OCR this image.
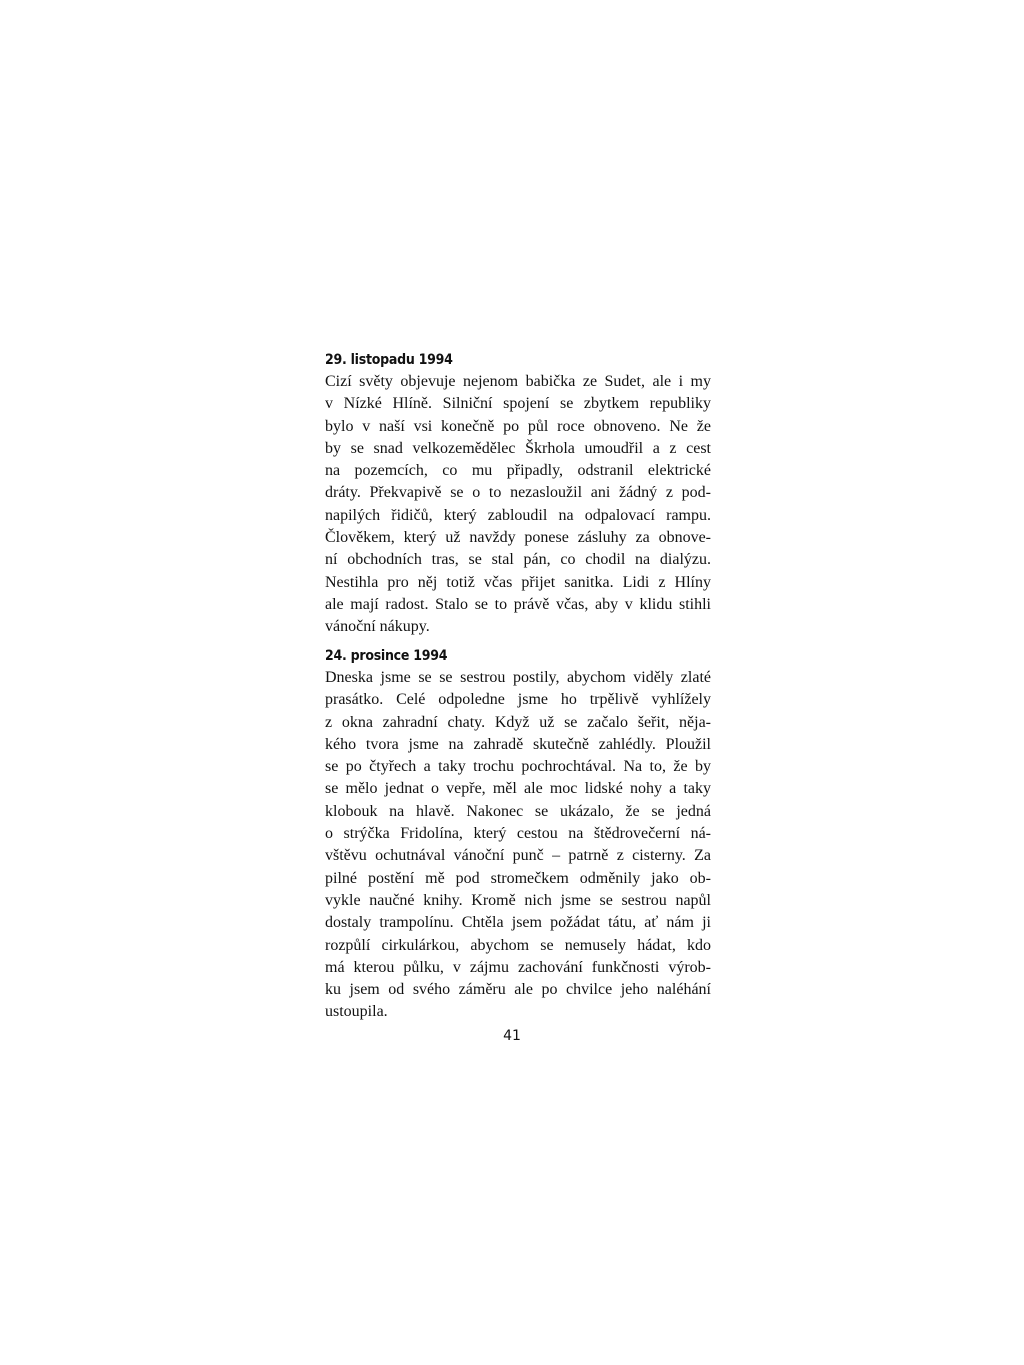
29. listopadu 1994
Cizí světy objevuje nejenom babička ze Sudet, ale i my
v Nízké Hlíně. Silniční spojení se zbytkem republiky
bylo v naší vsi konečně po půl roce obnoveno. Ne že
by se snad velkozemědělec Škrhola umoudřil a z cest
na pozemcích, co mu připadly, odstranil elektrické
dráty. Překvapivě se o to nezasloužil ani žádný z pod-
napilých řidičů, který zabloudil na odpalovací rampu.
Člověkem, který už navždy ponese zásluhy za obnove-
ní obchodních tras, se stal pán, co chodil na dialýzu.
Nestihla pro něj totiž včas přijet sanitka. Lidi z Hlíny
ale mají radost. Stalo se to právě včas, aby v klidu stihli
vánoční nákupy.
24. prosince 1994
Dneska jsme se se sestrou postily, abychom viděly zlaté
prasátko. Celé odpoledne jsme ho trpělivě vyhlížely
z okna zahradní chaty. Když už se začalo šeřit, něja-
kého tvora jsme na zahradě skutečně zahlédly. Ploužil
se po čtyřech a taky trochu pochrochtával. Na to, že by
se mělo jednat o vepře, měl ale moc lidské nohy a taky
klobouk na hlavě. Nakonec se ukázalo, že se jedná
o strýčka Fridolína, který cestou na štědrovečerní ná-
vštěvu ochutnával vánoční punč – patrně z cisterny. Za
pilné postění mě pod stromečkem odměnily jako ob-
vykle naučné knihy. Kromě nich jsme se sestrou napůl
dostaly trampolínu. Chtěla jsem požádat tátu, ať nám ji
rozpůlí cirkulárkou, abychom se nemusely hádat, kdo
má kterou půlku, v zájmu zachování funkčnosti výrob-
ku jsem od svého záměru ale po chvilce jeho naléhání
ustoupila.
41
